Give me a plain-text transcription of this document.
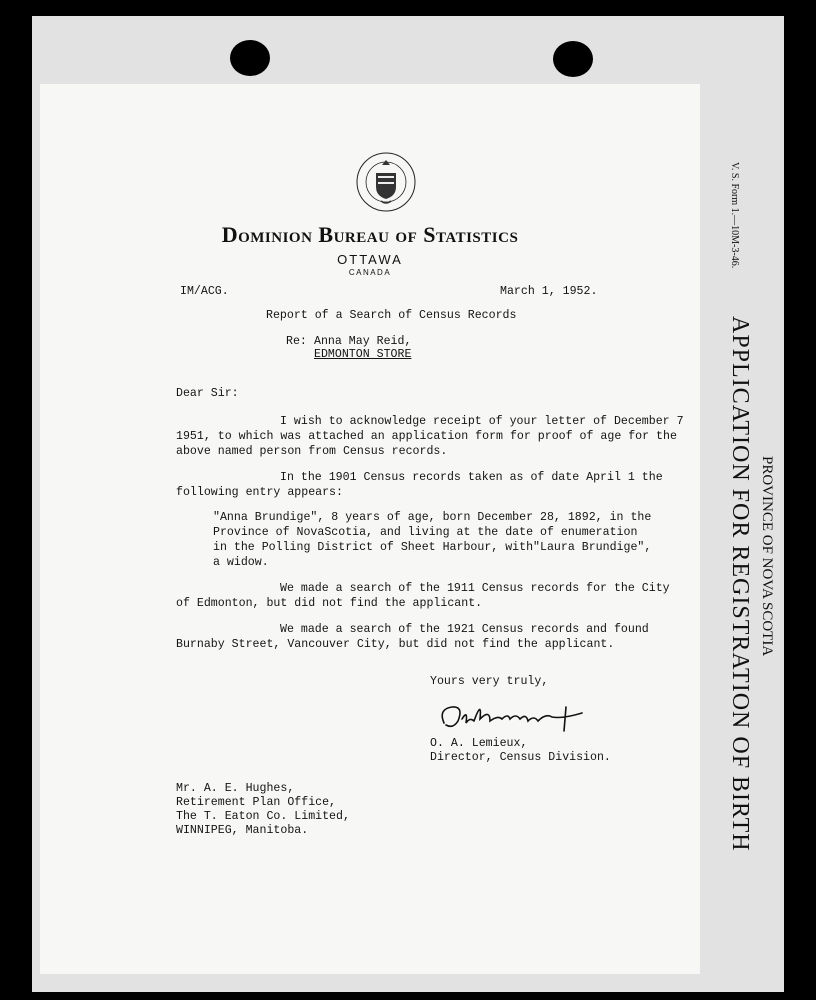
V. S. Form 1.—10M-3-46.
APPLICATION FOR REGISTRATION OF BIRTH PROVINCE OF NOVA SCOTIA
Dominion Bureau of Statistics
OTTAWA
CANADA
IM/ACG.	March 1, 1952.
Report of a Search of Census Records
Re: Anna May Reid,
EDMONTON STORE
Dear Sir:
I wish to acknowledge receipt of your letter of December 7
1951, to which was attached an application form for proof of age for the
above named person from Census records.
In the 1901 Census records taken as of date April 1 the
following entry appears:
"Anna Brundige", 8 years of age, born December 28, 1892, in the
Province of NovaScotia, and living at the date of enumeration
in the Polling District of Sheet Harbour, with"Laura Brundige",
a widow.
We made a search of the 1911 Census records for the City
of Edmonton, but did not find the applicant.
We made a search of the 1921 Census records and found
Burnaby Street, Vancouver City, but did not find the applicant.
Yours very truly,
O. A. Lemieux,
Director, Census Division.
Mr. A. E. Hughes,
Retirement Plan Office,
The T. Eaton Co. Limited,
WINNIPEG, Manitoba.
